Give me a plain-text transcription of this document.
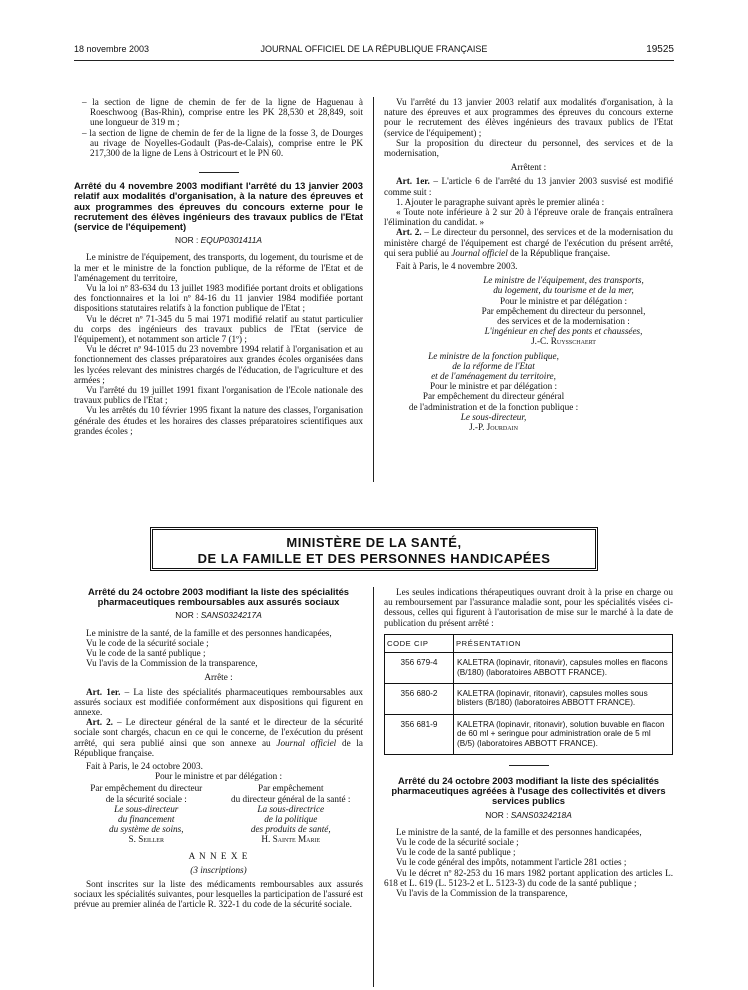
18 novembre 2003	JOURNAL OFFICIEL DE LA RÉPUBLIQUE FRANÇAISE	19525

– la section de ligne de chemin de fer de la ligne de Haguenau à Roeschwoog (Bas-Rhin), comprise entre les PK 28,530 et 28,849, soit une longueur de 319 m ;

– la section de ligne de chemin de fer de la ligne de la fosse 3, de Dourges au rivage de Noyelles-Godault (Pas-de-Calais), comprise entre le PK 217,300 de la ligne de Lens à Ostricourt et le PN 60.

Arrêté du 4 novembre 2003 modifiant l'arrêté du 13 janvier 2003 relatif aux modalités d'organisation, à la nature des épreuves et aux programmes des épreuves du concours externe pour le recrutement des élèves ingénieurs des travaux publics de l'Etat (service de l'équipement)
NOR : EQUP0301411A

Le ministre de l'équipement, des transports, du logement, du tourisme et de la mer et le ministre de la fonction publique, de la réforme de l'Etat et de l'aménagement du territoire,

Vu la loi nº 83-634 du 13 juillet 1983 modifiée portant droits et obligations des fonctionnaires et la loi nº 84-16 du 11 janvier 1984 modifiée portant dispositions statutaires relatifs à la fonction publique de l'Etat ;

Vu le décret nº 71-345 du 5 mai 1971 modifié relatif au statut particulier du corps des ingénieurs des travaux publics de l'Etat (service de l'équipement), et notamment son article 7 (1º) ;

Vu le décret nº 94-1015 du 23 novembre 1994 relatif à l'organisation et au fonctionnement des classes préparatoires aux grandes écoles organisées dans les lycées relevant des ministres chargés de l'éducation, de l'agriculture et des armées ;

Vu l'arrêté du 19 juillet 1991 fixant l'organisation de l'Ecole nationale des travaux publics de l'Etat ;

Vu les arrêtés du 10 février 1995 fixant la nature des classes, l'organisation générale des études et les horaires des classes préparatoires scientifiques aux grandes écoles ;

Vu l'arrêté du 13 janvier 2003 relatif aux modalités d'organisation, à la nature des épreuves et aux programmes des épreuves du concours externe pour le recrutement des élèves ingénieurs des travaux publics de l'Etat (service de l'équipement) ;

Sur la proposition du directeur du personnel, des services et de la modernisation,

Arrêtent :

Art. 1er. – L'article 6 de l'arrêté du 13 janvier 2003 susvisé est modifié comme suit :

1. Ajouter le paragraphe suivant après le premier alinéa :

« Toute note inférieure à 2 sur 20 à l'épreuve orale de français entraînera l'élimination du candidat. »

Art. 2. – Le directeur du personnel, des services et de la modernisation du ministère chargé de l'équipement est chargé de l'exécution du présent arrêté, qui sera publié au Journal officiel de la République française.

Fait à Paris, le 4 novembre 2003.

Le ministre de l'équipement, des transports,

du logement, du tourisme et de la mer,

Pour le ministre et par délégation :

Par empêchement du directeur du personnel,

des services et de la modernisation :

L'ingénieur en chef des ponts et chaussées,

J.-C. Ruysschaert

Le ministre de la fonction publique,

de la réforme de l'Etat

et de l'aménagement du territoire,

Pour le ministre et par délégation :

Par empêchement du directeur général

de l'administration et de la fonction publique :

Le sous-directeur,

J.-P. Jourdain

MINISTÈRE DE LA SANTÉ,
DE LA FAMILLE ET DES PERSONNES HANDICAPÉES
Arrêté du 24 octobre 2003 modifiant la liste des spécialités pharmaceutiques remboursables aux assurés sociaux
NOR : SANS0324217A

Le ministre de la santé, de la famille et des personnes handicapées,

Vu le code de la sécurité sociale ;

Vu le code de la santé publique ;

Vu l'avis de la Commission de la transparence,

Arrête :

Art. 1er. – La liste des spécialités pharmaceutiques remboursables aux assurés sociaux est modifiée conformément aux dispositions qui figurent en annexe.

Art. 2. – Le directeur général de la santé et le directeur de la sécurité sociale sont chargés, chacun en ce qui le concerne, de l'exécution du présent arrêté, qui sera publié ainsi que son annexe au Journal officiel de la République française.

Fait à Paris, le 24 octobre 2003.

Pour le ministre et par délégation :

Par empêchement du directeur

de la sécurité sociale :

Le sous-directeur

du financement

du système de soins,

S. Seiller

Par empêchement

du directeur général de la santé :

La sous-directrice

de la politique

des produits de santé,

H. Sainte Marie

A N N E X E

(3 inscriptions)

Sont inscrites sur la liste des médicaments remboursables aux assurés sociaux les spécialités suivantes, pour lesquelles la participation de l'assuré est prévue au premier alinéa de l'article R. 322-1 du code de la sécurité sociale.

Les seules indications thérapeutiques ouvrant droit à la prise en charge ou au remboursement par l'assurance maladie sont, pour les spécialités visées ci-dessous, celles qui figurent à l'autorisation de mise sur le marché à la date de publication du présent arrêté :

CODE CIP	PRÉSENTATION
356 679-4	KALETRA (lopinavir, ritonavir), capsules molles en flacons (B/180) (laboratoires ABBOTT FRANCE).
356 680-2	KALETRA (lopinavir, ritonavir), capsules molles sous blisters (B/180) (laboratoires ABBOTT FRANCE).
356 681-9	KALETRA (lopinavir, ritonavir), solution buvable en flacon de 60 ml + seringue pour administration orale de 5 ml (B/5) (laboratoires ABBOTT FRANCE).
Arrêté du 24 octobre 2003 modifiant la liste des spécialités pharmaceutiques agréées à l'usage des collectivités et divers services publics
NOR : SANS0324218A

Le ministre de la santé, de la famille et des personnes handicapées,

Vu le code de la sécurité sociale ;

Vu le code de la santé publique ;

Vu le code général des impôts, notamment l'article 281 octies ;

Vu le décret nº 82-253 du 16 mars 1982 portant application des articles L. 618 et L. 619 (L. 5123-2 et L. 5123-3) du code de la santé publique ;

Vu l'avis de la Commission de la transparence,
